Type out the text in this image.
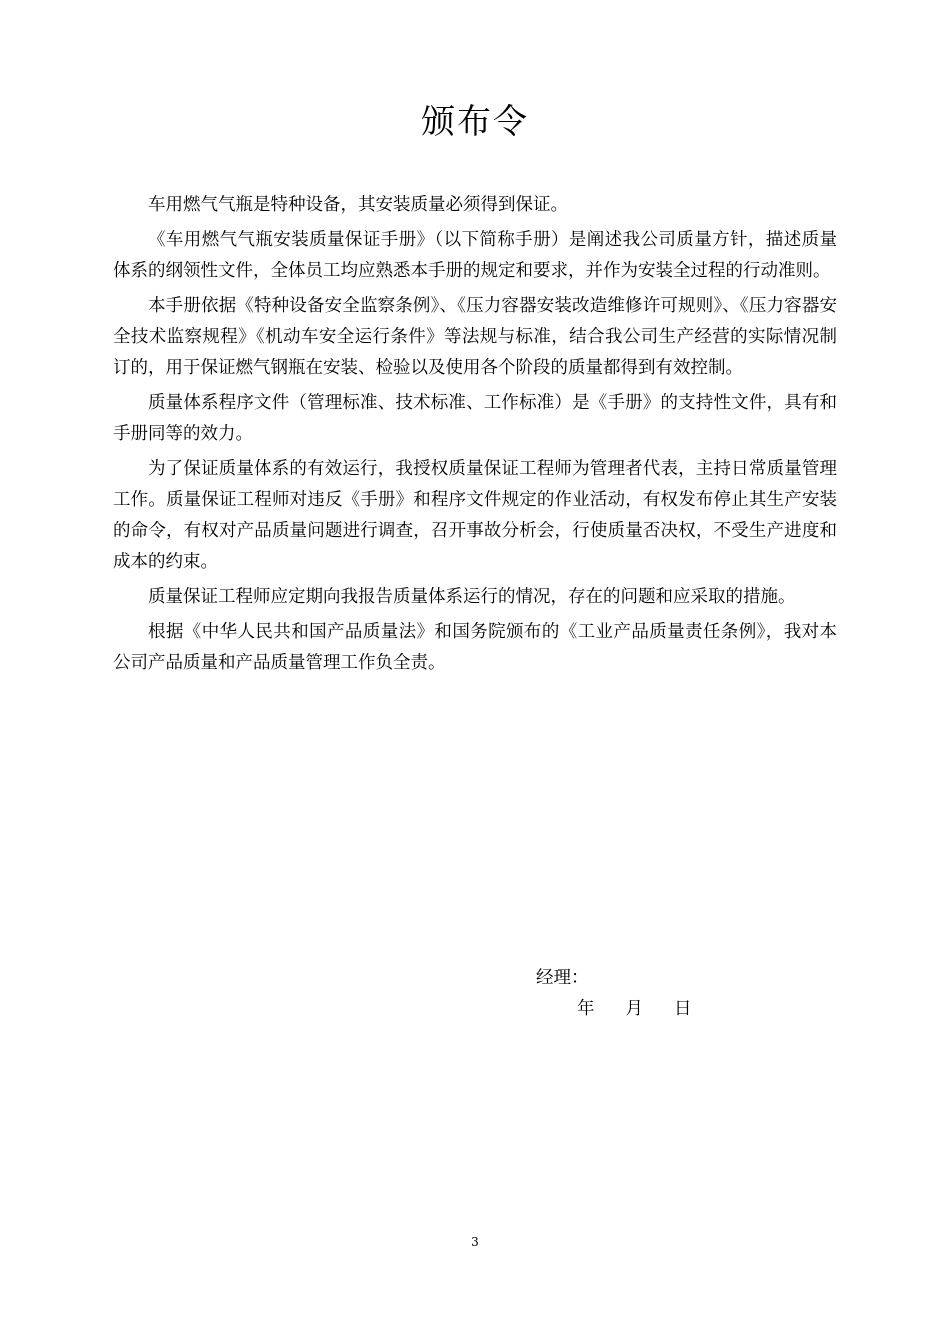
颁布令

车用燃气气瓶是特种设备，其安装质量必须得到保证。

《车用燃气气瓶安装质量保证手册》（以下简称手册）是阐述我公司质量方针，描述质量体系的纲领性文件，全体员工均应熟悉本手册的规定和要求，并作为安装全过程的行动准则。

本手册依据《特种设备安全监察条例》、《压力容器安装改造维修许可规则》、《压力容器安全技术监察规程》《机动车安全运行条件》等法规与标准，结合我公司生产经营的实际情况制订的，用于保证燃气钢瓶在安装、检验以及使用各个阶段的质量都得到有效控制。

质量体系程序文件（管理标准、技术标准、工作标准）是《手册》的支持性文件，具有和手册同等的效力。

为了保证质量体系的有效运行，我授权质量保证工程师为管理者代表，主持日常质量管理工作。质量保证工程师对违反《手册》和程序文件规定的作业活动，有权发布停止其生产安装的命令，有权对产品质量问题进行调查，召开事故分析会，行使质量否决权，不受生产进度和成本的约束。

质量保证工程师应定期向我报告质量体系运行的情况，存在的问题和应采取的措施。

根据《中华人民共和国产品质量法》和国务院颁布的《工业产品质量责任条例》，我对本公司产品质量和产品质量管理工作负全责。

经理：
年 月 日
3
